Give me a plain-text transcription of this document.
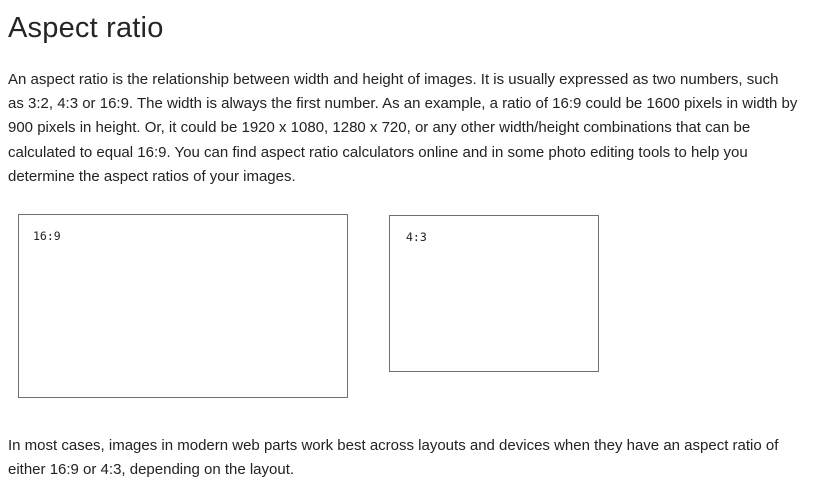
Aspect ratio

An aspect ratio is the relationship between width and height of images. It is usually expressed as two numbers, such as 3:2, 4:3 or 16:9. The width is always the first number. As an example, a ratio of 16:9 could be 1600 pixels in width by 900 pixels in height. Or, it could be 1920 x 1080, 1280 x 720, or any other width/height combinations that can be calculated to equal 16:9. You can find aspect ratio calculators online and in some photo editing tools to help you determine the aspect ratios of your images.

16:9	4:3

In most cases, images in modern web parts work best across layouts and devices when they have an aspect ratio of either 16:9 or 4:3, depending on the layout.
